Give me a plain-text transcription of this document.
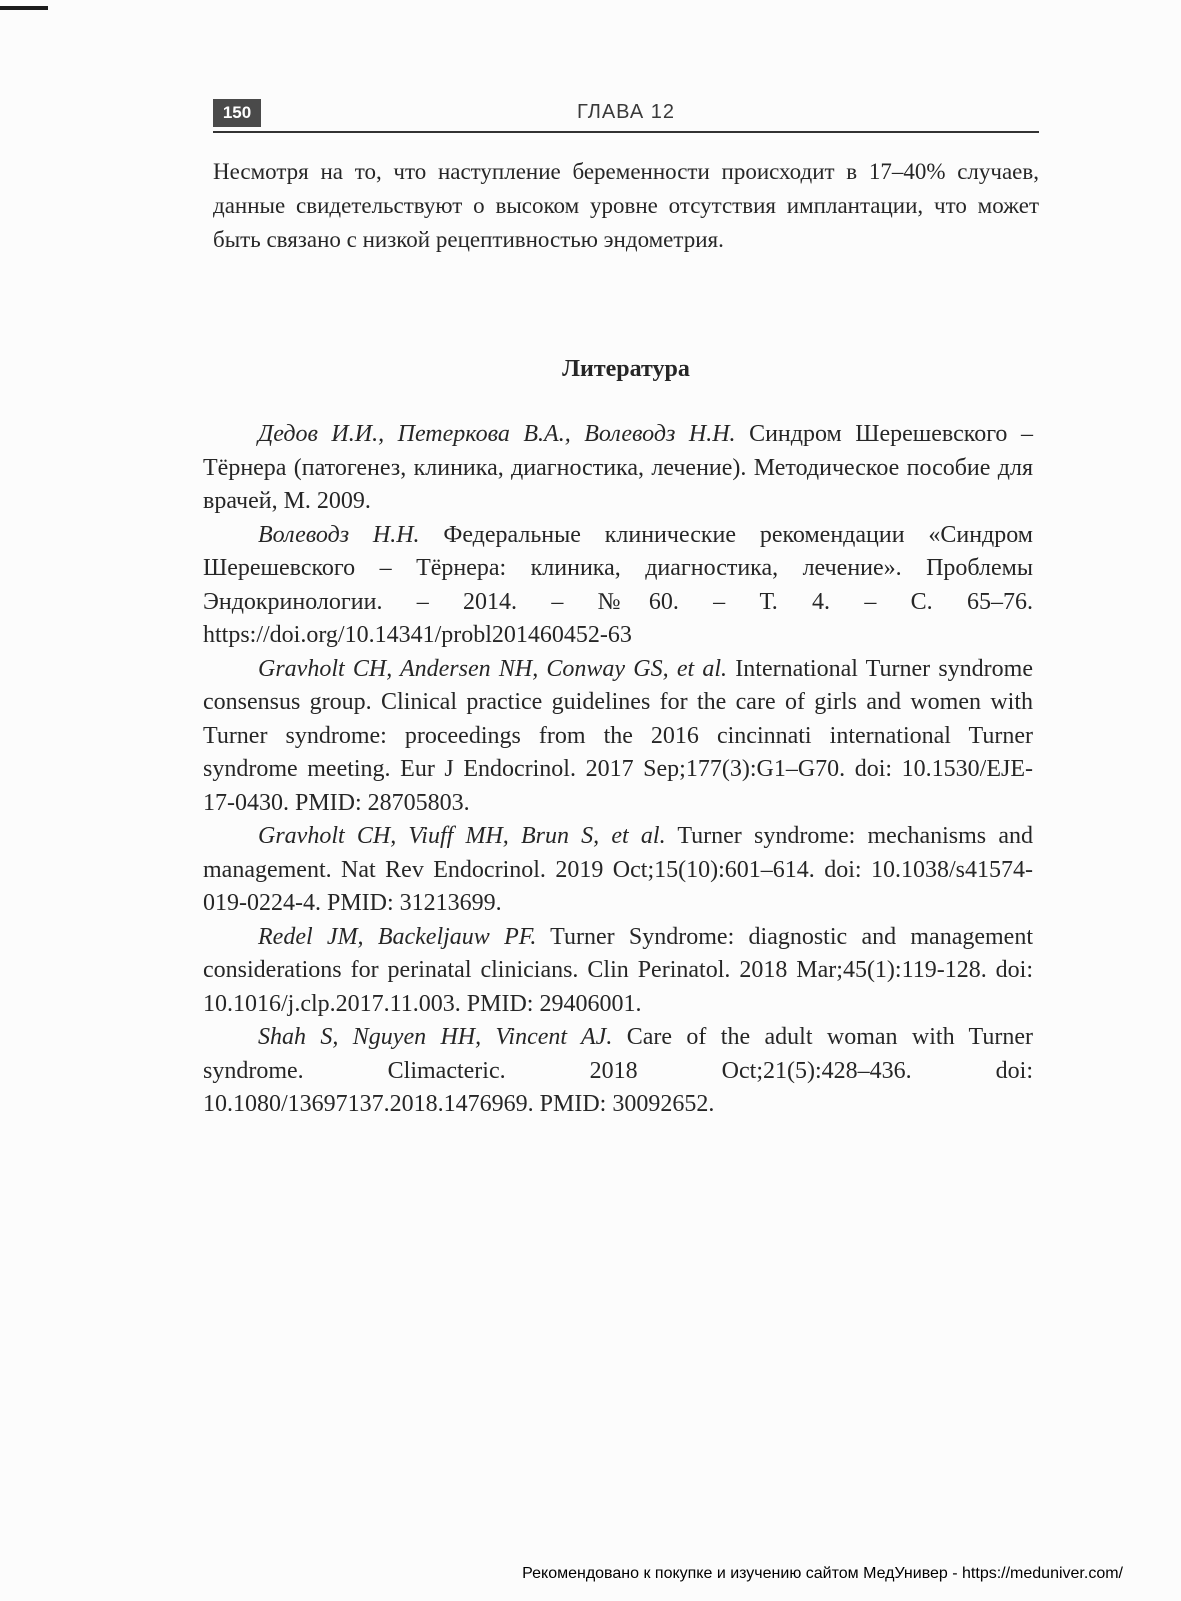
150	ГЛАВА 12

Несмотря на то, что наступление беременности происходит в 17–40% случаев, данные свидетельствуют о высоком уровне отсутствия имплантации, что может быть связано с низкой рецептивностью эндометрия.

Литература

Дедов И.И., Петеркова В.А., Волеводз Н.Н. Синдром Шерешевского – Тёрнера (патогенез, клиника, диагностика, лечение). Методическое пособие для врачей, М. 2009.

Волеводз Н.Н. Федеральные клинические рекомендации «Синдром Шерешевского – Тёрнера: клиника, диагностика, лечение». Проблемы Эндокринологии. – 2014. – №60. – Т. 4. – С. 65–76. https://doi.org/10.14341/probl201460452-63

Gravholt CH, Andersen NH, Conway GS, et al. International Turner syndrome consensus group. Clinical practice guidelines for the care of girls and women with Turner syndrome: proceedings from the 2016 cincinnati international Turner syndrome meeting. Eur J Endocrinol. 2017 Sep;177(3):G1–G70. doi: 10.1530/EJE-17-0430. PMID: 28705803.

Gravholt CH, Viuff MH, Brun S, et al. Turner syndrome: mechanisms and management. Nat Rev Endocrinol. 2019 Oct;15(10):601–614. doi: 10.1038/s41574-019-0224-4. PMID: 31213699.

Redel JM, Backeljauw PF. Turner Syndrome: diagnostic and management considerations for perinatal clinicians. Clin Perinatol. 2018 Mar;45(1):119-128. doi: 10.1016/j.clp.2017.11.003. PMID: 29406001.

Shah S, Nguyen HH, Vincent AJ. Care of the adult woman with Turner syndrome. Climacteric. 2018 Oct;21(5):428–436. doi: 10.1080/13697137.2018.1476969. PMID: 30092652.

Рекомендовано к покупке и изучению сайтом МедУнивер - https://meduniver.com/
